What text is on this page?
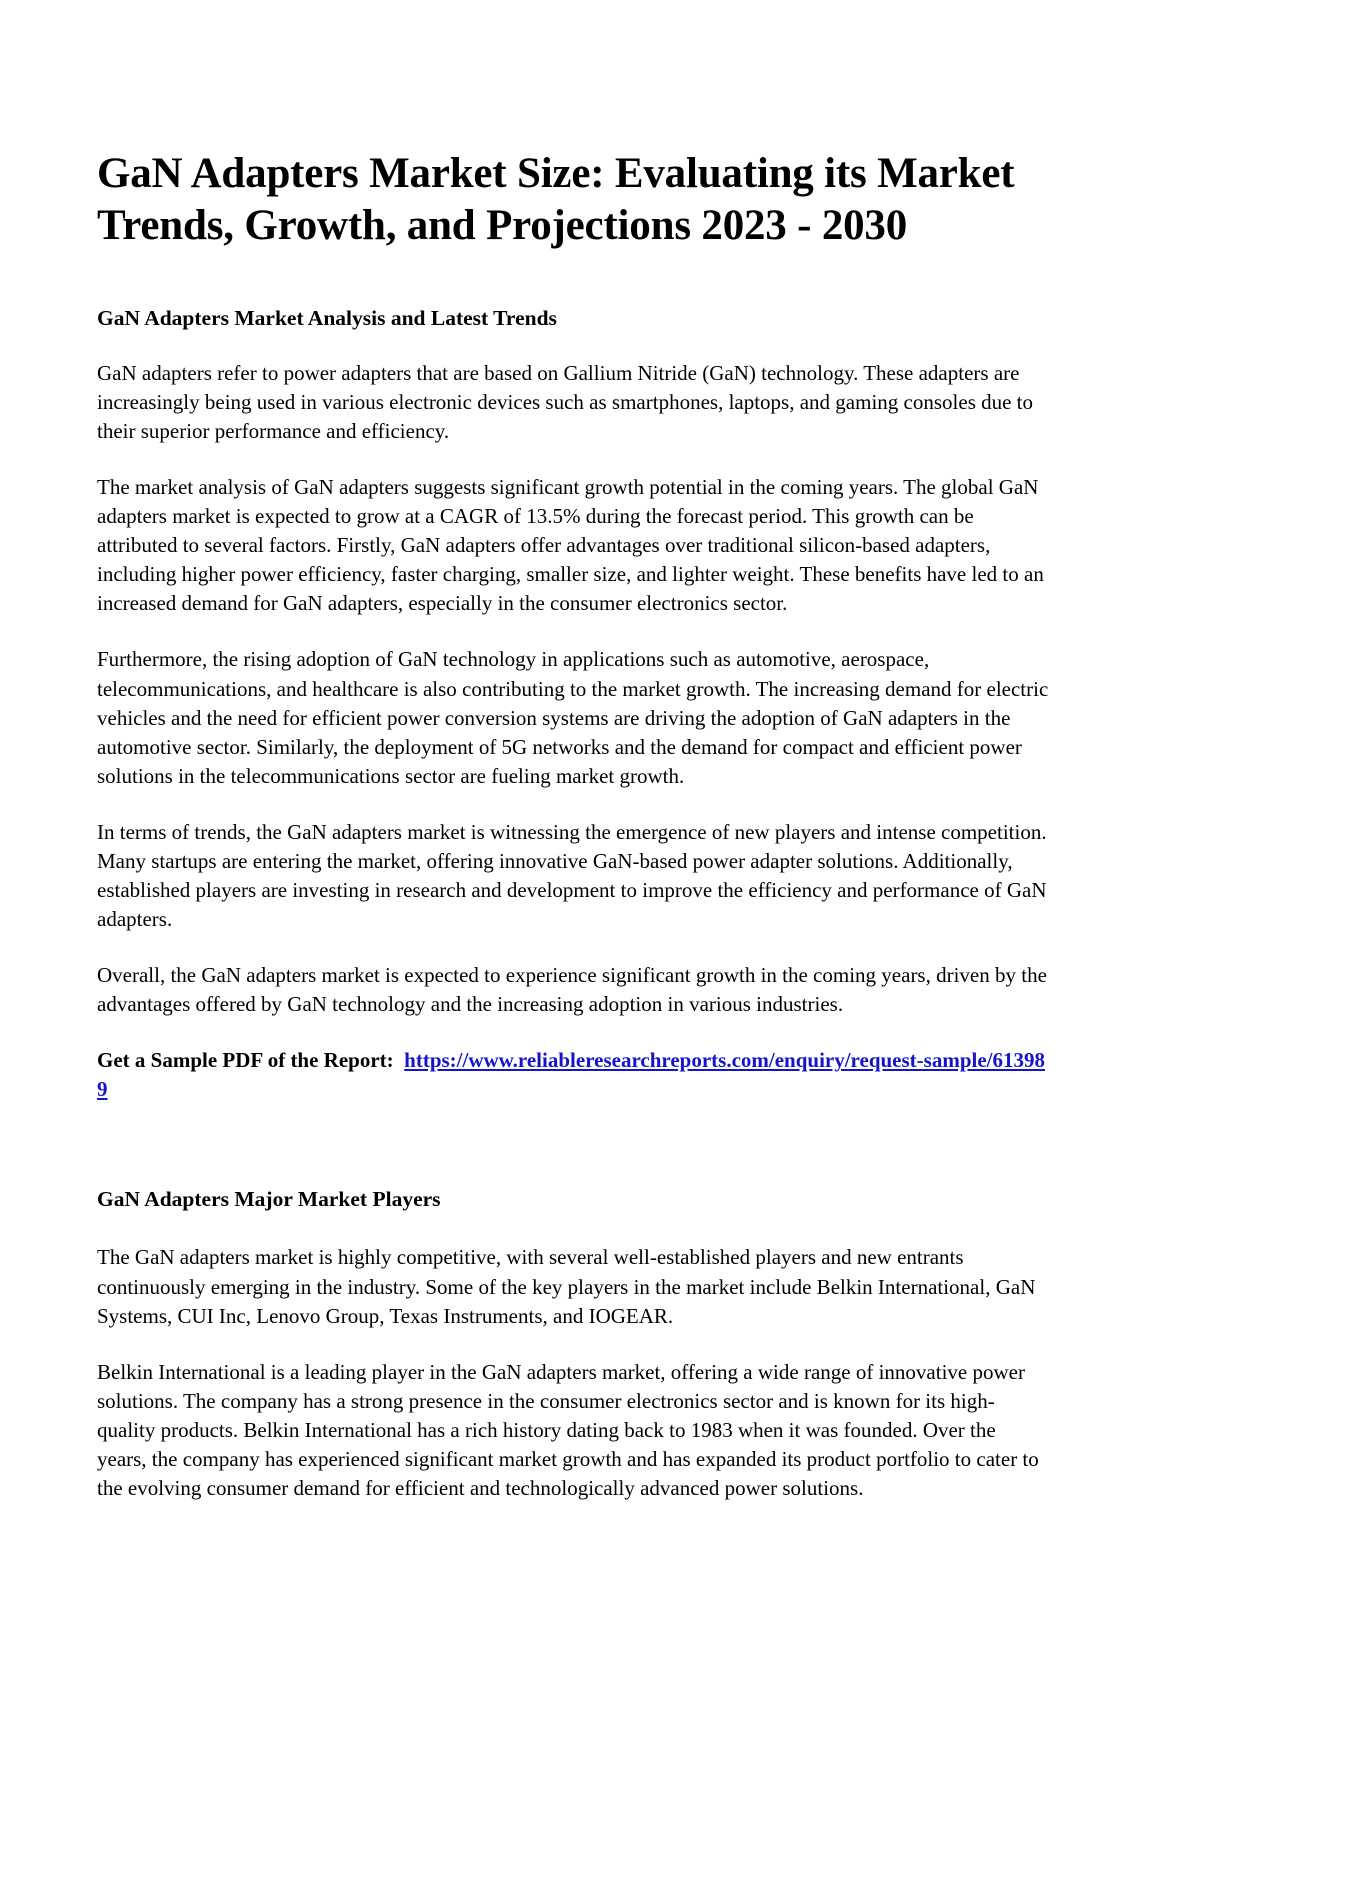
GaN Adapters Market Size: Evaluating its Market Trends, Growth, and Projections 2023 - 2030
GaN Adapters Market Analysis and Latest Trends

GaN adapters refer to power adapters that are based on Gallium Nitride (GaN) technology. These adapters are increasingly being used in various electronic devices such as smartphones, laptops, and gaming consoles due to their superior performance and efficiency.

The market analysis of GaN adapters suggests significant growth potential in the coming years. The global GaN adapters market is expected to grow at a CAGR of 13.5% during the forecast period. This growth can be attributed to several factors. Firstly, GaN adapters offer advantages over traditional silicon-based adapters, including higher power efficiency, faster charging, smaller size, and lighter weight. These benefits have led to an increased demand for GaN adapters, especially in the consumer electronics sector.

Furthermore, the rising adoption of GaN technology in applications such as automotive, aerospace, telecommunications, and healthcare is also contributing to the market growth. The increasing demand for electric vehicles and the need for efficient power conversion systems are driving the adoption of GaN adapters in the automotive sector. Similarly, the deployment of 5G networks and the demand for compact and efficient power solutions in the telecommunications sector are fueling market growth.

In terms of trends, the GaN adapters market is witnessing the emergence of new players and intense competition. Many startups are entering the market, offering innovative GaN-based power adapter solutions. Additionally, established players are investing in research and development to improve the efficiency and performance of GaN adapters.

Overall, the GaN adapters market is expected to experience significant growth in the coming years, driven by the advantages offered by GaN technology and the increasing adoption in various industries.

Get a Sample PDF of the Report: https://www.reliableresearchreports.com/enquiry/request-sample/613989

GaN Adapters Major Market Players

The GaN adapters market is highly competitive, with several well-established players and new entrants continuously emerging in the industry. Some of the key players in the market include Belkin International, GaN Systems, CUI Inc, Lenovo Group, Texas Instruments, and IOGEAR.

Belkin International is a leading player in the GaN adapters market, offering a wide range of innovative power solutions. The company has a strong presence in the consumer electronics sector and is known for its high-quality products. Belkin International has a rich history dating back to 1983 when it was founded. Over the years, the company has experienced significant market growth and has expanded its product portfolio to cater to the evolving consumer demand for efficient and technologically advanced power solutions.
